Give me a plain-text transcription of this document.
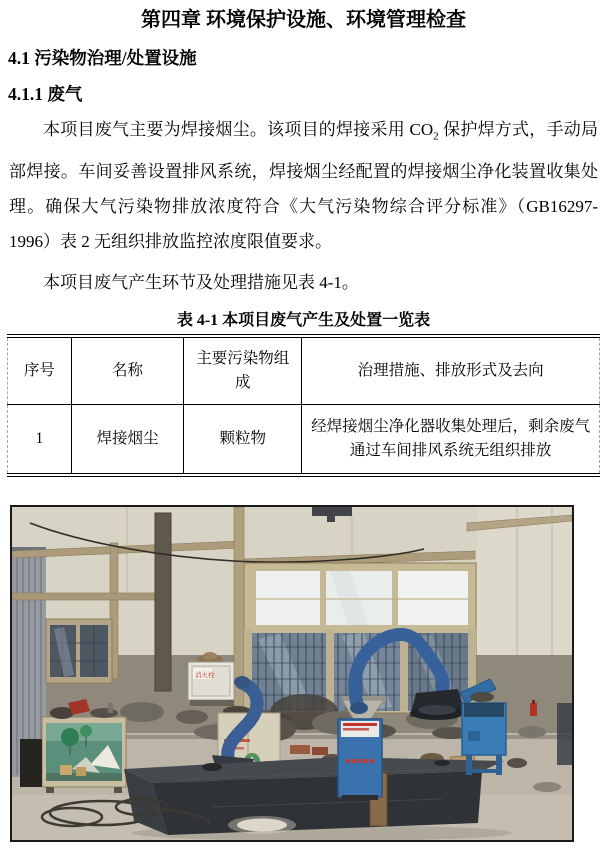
第四章 环境保护设施、环境管理检查
4.1 污染物治理/处置设施
4.1.1 废气

本项目废气主要为焊接烟尘。该项目的焊接采用 $CO_2$ 保护焊方式，手动局部焊接。车间妥善设置排风系统，焊接烟尘经配置的焊接烟尘净化装置收集处理。确保大气污染物排放浓度符合《大气污染物综合评分标准》（GB16297-1996）表 2 无组织排放监控浓度限值要求。

本项目废气产生环节及处理措施见表 4-1。

表 4-1 本项目废气产生及处置一览表
序号	名称	主要污染物组成	治理措施、排放形式及去向
1	焊接烟尘	颗粒物	经焊接烟尘净化器收集处理后，剩余废气通过车间排风系统无组织排放
消火栓
